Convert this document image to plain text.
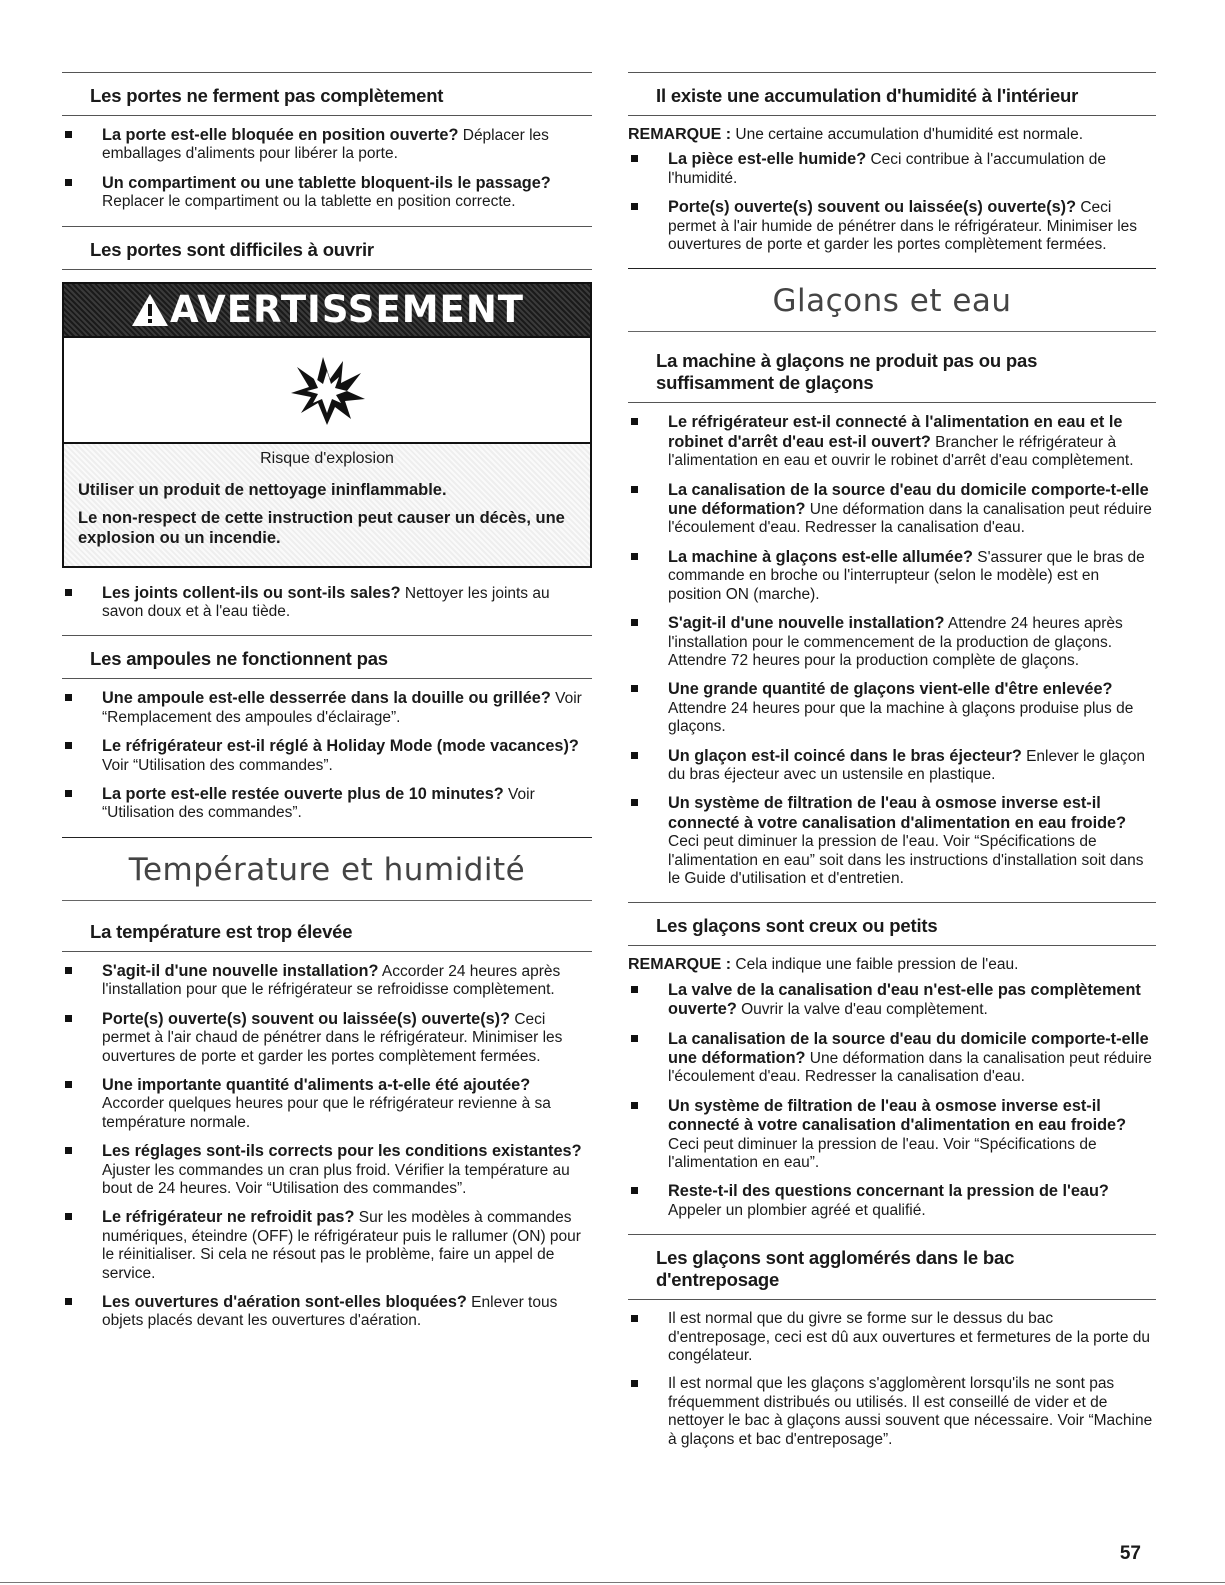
Les portes ne ferment pas complètement
La porte est-elle bloquée en position ouverte? Déplacer les emballages d'aliments pour libérer la porte.
Un compartiment ou une tablette bloquent-ils le passage? Replacer le compartiment ou la tablette en position correcte.
Les portes sont difficiles à ouvrir
AVERTISSEMENT

Risque d'explosion

Utiliser un produit de nettoyage ininflammable.

Le non-respect de cette instruction peut causer un décès, une explosion ou un incendie.

Les joints collent-ils ou sont-ils sales? Nettoyer les joints au savon doux et à l'eau tiède.
Les ampoules ne fonctionnent pas
Une ampoule est-elle desserrée dans la douille ou grillée? Voir “Remplacement des ampoules d'éclairage”.
Le réfrigérateur est-il réglé à Holiday Mode (mode vacances)? Voir “Utilisation des commandes”.
La porte est-elle restée ouverte plus de 10 minutes? Voir “Utilisation des commandes”.
Température et humidité
La température est trop élevée
S'agit-il d'une nouvelle installation? Accorder 24 heures après l'installation pour que le réfrigérateur se refroidisse complètement.
Porte(s) ouverte(s) souvent ou laissée(s) ouverte(s)? Ceci permet à l'air chaud de pénétrer dans le réfrigérateur. Minimiser les ouvertures de porte et garder les portes complètement fermées.
Une importante quantité d'aliments a-t-elle été ajoutée? Accorder quelques heures pour que le réfrigérateur revienne à sa température normale.
Les réglages sont-ils corrects pour les conditions existantes? Ajuster les commandes un cran plus froid. Vérifier la température au bout de 24 heures. Voir “Utilisation des commandes”.
Le réfrigérateur ne refroidit pas? Sur les modèles à commandes numériques, éteindre (OFF) le réfrigérateur puis le rallumer (ON) pour le réinitialiser. Si cela ne résout pas le problème, faire un appel de service.
Les ouvertures d'aération sont-elles bloquées? Enlever tous objets placés devant les ouvertures d'aération.
Il existe une accumulation d'humidité à l'intérieur

REMARQUE : Une certaine accumulation d'humidité est normale.

La pièce est-elle humide? Ceci contribue à l'accumulation de l'humidité.
Porte(s) ouverte(s) souvent ou laissée(s) ouverte(s)? Ceci permet à l'air humide de pénétrer dans le réfrigérateur. Minimiser les ouvertures de porte et garder les portes complètement fermées.
Glaçons et eau
La machine à glaçons ne produit pas ou pas suffisamment de glaçons
Le réfrigérateur est-il connecté à l'alimentation en eau et le robinet d'arrêt d'eau est-il ouvert? Brancher le réfrigérateur à l'alimentation en eau et ouvrir le robinet d'arrêt d'eau complètement.
La canalisation de la source d'eau du domicile comporte-t-elle une déformation? Une déformation dans la canalisation peut réduire l'écoulement d'eau. Redresser la canalisation d'eau.
La machine à glaçons est-elle allumée? S'assurer que le bras de commande en broche ou l'interrupteur (selon le modèle) est en position ON (marche).
S'agit-il d'une nouvelle installation? Attendre 24 heures après l'installation pour le commencement de la production de glaçons. Attendre 72 heures pour la production complète de glaçons.
Une grande quantité de glaçons vient-elle d'être enlevée? Attendre 24 heures pour que la machine à glaçons produise plus de glaçons.
Un glaçon est-il coincé dans le bras éjecteur? Enlever le glaçon du bras éjecteur avec un ustensile en plastique.
Un système de filtration de l'eau à osmose inverse est-il connecté à votre canalisation d'alimentation en eau froide? Ceci peut diminuer la pression de l'eau. Voir “Spécifications de l'alimentation en eau” soit dans les instructions d'installation soit dans le Guide d'utilisation et d'entretien.
Les glaçons sont creux ou petits

REMARQUE : Cela indique une faible pression de l'eau.

La valve de la canalisation d'eau n'est-elle pas complètement ouverte? Ouvrir la valve d'eau complètement.
La canalisation de la source d'eau du domicile comporte-t-elle une déformation? Une déformation dans la canalisation peut réduire l'écoulement d'eau. Redresser la canalisation d'eau.
Un système de filtration de l'eau à osmose inverse est-il connecté à votre canalisation d'alimentation en eau froide? Ceci peut diminuer la pression de l'eau. Voir “Spécifications de l'alimentation en eau”.
Reste-t-il des questions concernant la pression de l'eau? Appeler un plombier agréé et qualifié.
Les glaçons sont agglomérés dans le bac d'entreposage
Il est normal que du givre se forme sur le dessus du bac d'entreposage, ceci est dû aux ouvertures et fermetures de la porte du congélateur.
Il est normal que les glaçons s'agglomèrent lorsqu'ils ne sont pas fréquemment distribués ou utilisés. Il est conseillé de vider et de nettoyer le bac à glaçons aussi souvent que nécessaire. Voir “Machine à glaçons et bac d'entreposage”.
57
